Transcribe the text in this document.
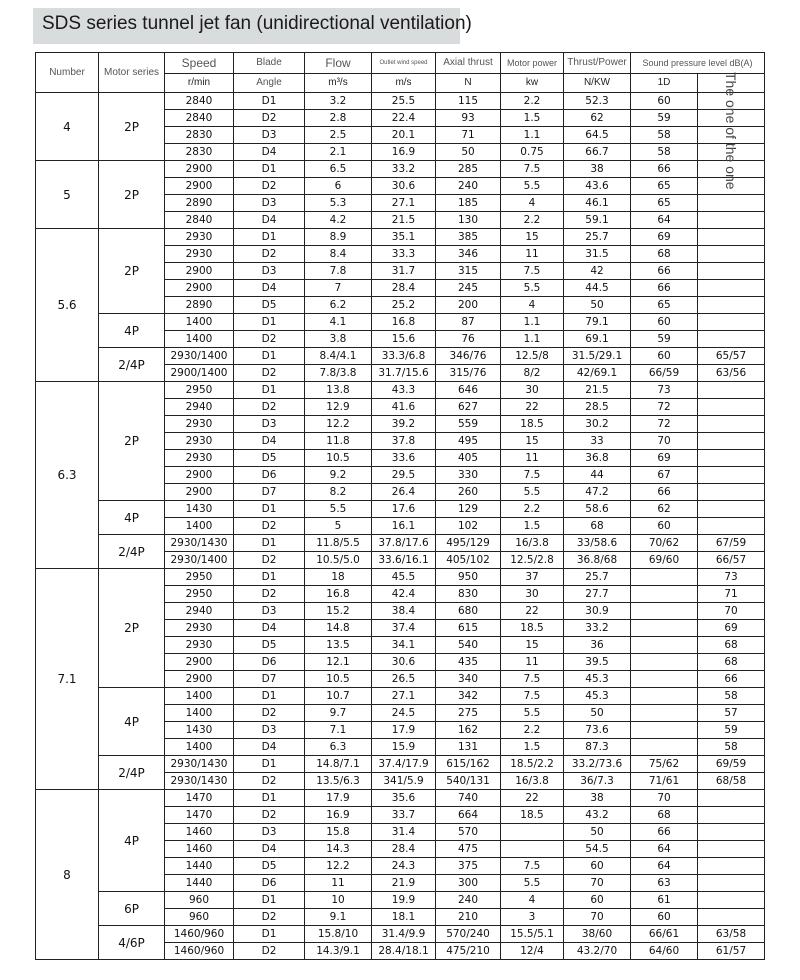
SDS series tunnel jet fan (unidirectional ventilation)
Number	Motor series	Speed	Blade	Flow	Outlet wind speed	Axial thrust	Motor power	Thrust/Power	Sound pressure level dB(A)	
		r/min	Angle	m³/s	m/s	N	kw	N/KW	1D	
4	2P	2840	D1	3.2	25.5	115	2.2	52.3	60	
		2840	D2	2.8	22.4	93	1.5	62	59	
		2830	D3	2.5	20.1	71	1.1	64.5	58	
		2830	D4	2.1	16.9	50	0.75	66.7	58	
5	2P	2900	D1	6.5	33.2	285	7.5	38	66	
		2900	D2	6	30.6	240	5.5	43.6	65	
		2890	D3	5.3	27.1	185	4	46.1	65	
		2840	D4	4.2	21.5	130	2.2	59.1	64	
5.6	2P	2930	D1	8.9	35.1	385	15	25.7	69	
		2930	D2	8.4	33.3	346	11	31.5	68	
		2900	D3	7.8	31.7	315	7.5	42	66	
		2900	D4	7	28.4	245	5.5	44.5	66	
		2890	D5	6.2	25.2	200	4	50	65	
	4P	1400	D1	4.1	16.8	87	1.1	79.1	60	
		1400	D2	3.8	15.6	76	1.1	69.1	59	
	2/4P	2930/1400	D1	8.4/4.1	33.3/6.8	346/76	12.5/8	31.5/29.1	60	65/57
		2900/1400	D2	7.8/3.8	31.7/15.6	315/76	8/2	42/69.1	66/59	63/56
6.3	2P	2950	D1	13.8	43.3	646	30	21.5	73	
		2940	D2	12.9	41.6	627	22	28.5	72	
		2930	D3	12.2	39.2	559	18.5	30.2	72	
		2930	D4	11.8	37.8	495	15	33	70	
		2930	D5	10.5	33.6	405	11	36.8	69	
		2900	D6	9.2	29.5	330	7.5	44	67	
		2900	D7	8.2	26.4	260	5.5	47.2	66	
	4P	1430	D1	5.5	17.6	129	2.2	58.6	62	
		1400	D2	5	16.1	102	1.5	68	60	
	2/4P	2930/1430	D1	11.8/5.5	37.8/17.6	495/129	16/3.8	33/58.6	70/62	67/59
		2930/1400	D2	10.5/5.0	33.6/16.1	405/102	12.5/2.8	36.8/68	69/60	66/57
7.1	2P	2950	D1	18	45.5	950	37	25.7		73
		2950	D2	16.8	42.4	830	30	27.7		71
		2940	D3	15.2	38.4	680	22	30.9		70
		2930	D4	14.8	37.4	615	18.5	33.2		69
		2930	D5	13.5	34.1	540	15	36		68
		2900	D6	12.1	30.6	435	11	39.5		68
		2900	D7	10.5	26.5	340	7.5	45.3		66
	4P	1400	D1	10.7	27.1	342	7.5	45.3		58
		1400	D2	9.7	24.5	275	5.5	50		57
		1430	D3	7.1	17.9	162	2.2	73.6		59
		1400	D4	6.3	15.9	131	1.5	87.3		58
	2/4P	2930/1430	D1	14.8/7.1	37.4/17.9	615/162	18.5/2.2	33.2/73.6	75/62	69/59
		2930/1430	D2	13.5/6.3	341/5.9	540/131	16/3.8	36/7.3	71/61	68/58
8	4P	1470	D1	17.9	35.6	740	22	38	70	
		1470	D2	16.9	33.7	664	18.5	43.2	68	
		1460	D3	15.8	31.4	570		50	66	
		1460	D4	14.3	28.4	475		54.5	64	
		1440	D5	12.2	24.3	375	7.5	60	64	
		1440	D6	11	21.9	300	5.5	70	63	
	6P	960	D1	10	19.9	240	4	60	61	
		960	D2	9.1	18.1	210	3	70	60	
	4/6P	1460/960	D1	15.8/10	31.4/9.9	570/240	15.5/5.1	38/60	66/61	63/58
		1460/960	D2	14.3/9.1	28.4/18.1	475/210	12/4	43.2/70	64/60	61/57
The one of the one
